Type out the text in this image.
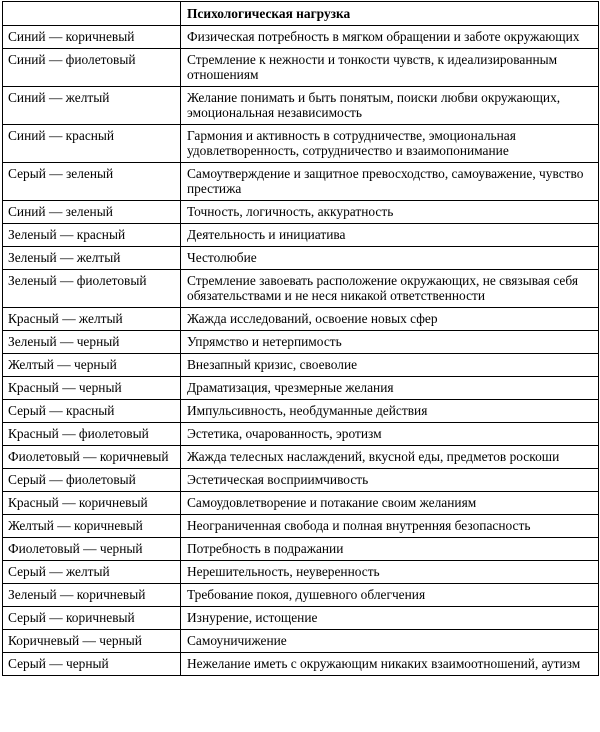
	Психологическая нагрузка
Синий — коричневый	Физическая потребность в мягком обращении и заботе окружающих
Синий — фиолетовый	Стремление к нежности и тонкости чувств, к идеализированным отношениям
Синий — желтый	Желание понимать и быть понятым, поиски любви окружающих, эмоциональная независимость
Синий — красный	Гармония и активность в сотрудничестве, эмоциональная удовлетворенность, сотрудничество и взаимопонимание
Серый — зеленый	Самоутверждение и защитное превосходство, самоуважение, чувство престижа
Синий — зеленый	Точность, логичность, аккуратность
Зеленый — красный	Деятельность и инициатива
Зеленый — желтый	Честолюбие
Зеленый — фиолетовый	Стремление завоевать расположение окружающих, не связывая себя обязательствами и не неся никакой ответственности
Красный — желтый	Жажда исследований, освоение новых сфер
Зеленый — черный	Упрямство и нетерпимость
Желтый — черный	Внезапный кризис, своеволие
Красный — черный	Драматизация, чрезмерные желания
Серый — красный	Импульсивность, необдуманные действия
Красный — фиолетовый	Эстетика, очарованность, эротизм
Фиолетовый — коричневый	Жажда телесных наслаждений, вкусной еды, предметов роскоши
Серый — фиолетовый	Эстетическая восприимчивость
Красный — коричневый	Самоудовлетворение и потакание своим желаниям
Желтый — коричневый	Неограниченная свобода и полная внутренняя безопасность
Фиолетовый — черный	Потребность в подражании
Серый — желтый	Нерешительность, неуверенность
Зеленый — коричневый	Требование покоя, душевного облегчения
Серый — коричневый	Изнурение, истощение
Коричневый — черный	Самоуничижение
Серый — черный	Нежелание иметь с окружающим никаких взаимоотношений, аутизм
